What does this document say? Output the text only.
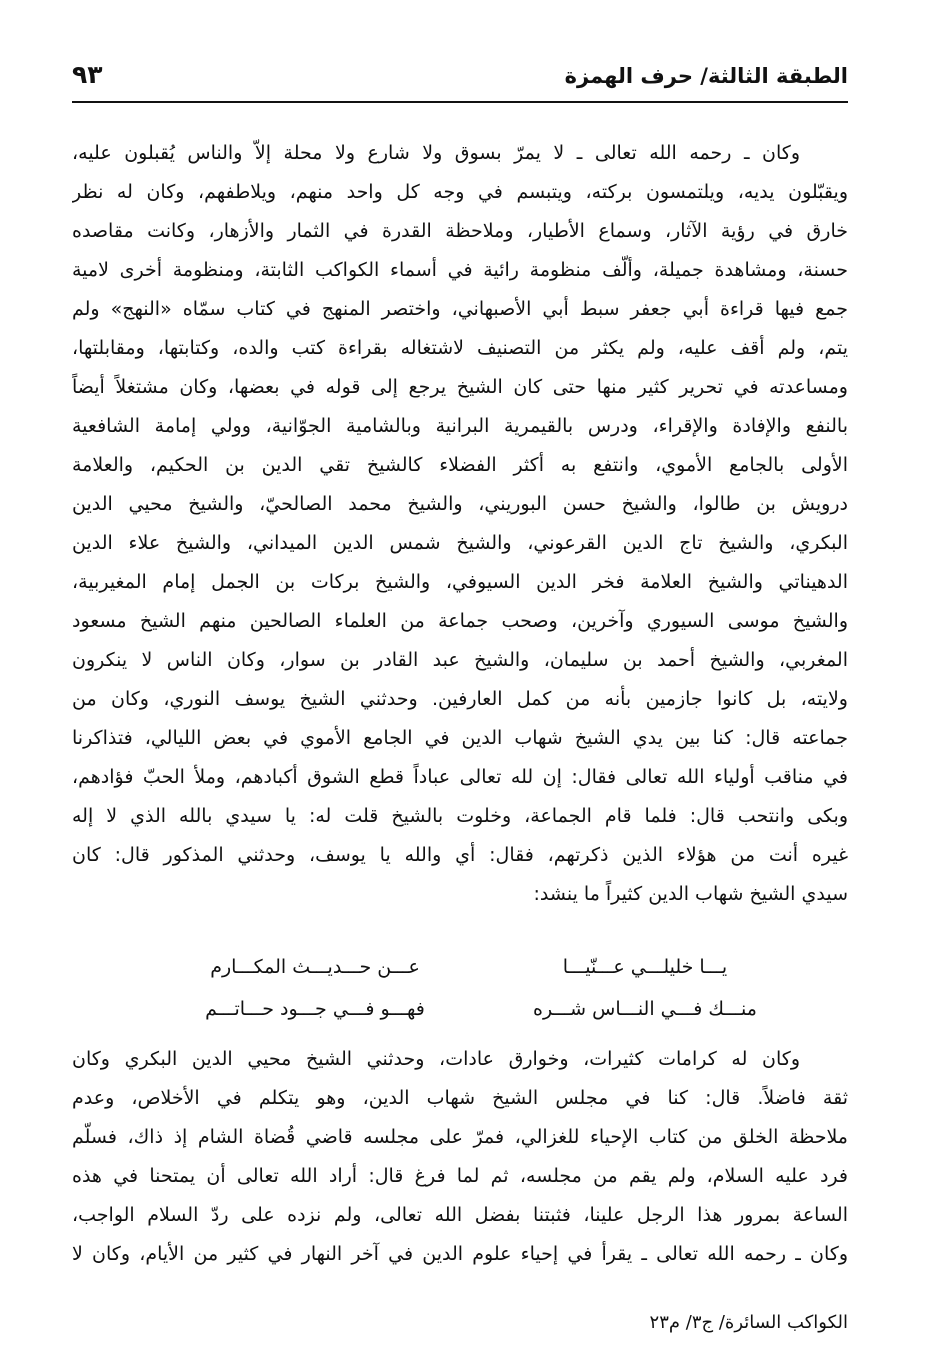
الطبقة الثالثة/ حرف الهمزة
٩٣
وكان ـ رحمه الله تعالى ـ لا يمرّ بسوق ولا شارع ولا محلة إلاّ والناس يُقبلون عليه،
ويقبّلون يديه، ويلتمسون بركته، ويتبسم في وجه كل واحد منهم، ويلاطفهم، وكان له نظر
خارق في رؤية الآثار، وسماع الأطيار، وملاحظة القدرة في الثمار والأزهار، وكانت مقاصده
حسنة، ومشاهدة جميلة، وألّف منظومة رائية في أسماء الكواكب الثابتة، ومنظومة أخرى لامية
جمع فيها قراءة أبي جعفر سبط أبي الأصبهاني، واختصر المنهج في كتاب سمّاه «النهج» ولم
يتم، ولم أقف عليه، ولم يكثر من التصنيف لاشتغاله بقراءة كتب والده، وكتابتها، ومقابلتها،
ومساعدته في تحرير كثير منها حتى كان الشيخ يرجع إلى قوله في بعضها، وكان مشتغلاً أيضاً
بالنفع والإفادة والإقراء، ودرس بالقيمرية البرانية وبالشامية الجوّانية، وولي إمامة الشافعية
الأولى بالجامع الأموي، وانتفع به أكثر الفضلاء كالشيخ تقي الدين بن الحكيم، والعلامة
درويش بن طالوا، والشيخ حسن البوريني، والشيخ محمد الصالحيّ، والشيخ محيي الدين
البكري، والشيخ تاج الدين القرعوني، والشيخ شمس الدين الميداني، والشيخ علاء الدين
الدهيناتي والشيخ العلامة فخر الدين السيوفي، والشيخ بركات بن الجمل إمام المغيربية،
والشيخ موسى السيوري وآخرين، وصحب جماعة من العلماء الصالحين منهم الشيخ مسعود
المغربي، والشيخ أحمد بن سليمان، والشيخ عبد القادر بن سوار، وكان الناس لا ينكرون
ولايته، بل كانوا جازمين بأنه من كمل العارفين. وحدثني الشيخ يوسف النوري، وكان من
جماعته قال: كنا بين يدي الشيخ شهاب الدين في الجامع الأموي في بعض الليالي، فتذاكرنا
في مناقب أولياء الله تعالى فقال: إن لله تعالى عباداً قطع الشوق أكبادهم، وملأ الحبّ فؤادهم،
وبكى وانتحب قال: فلما قام الجماعة، وخلوت بالشيخ قلت له: يا سيدي بالله الذي لا إله
غيره أنت من هؤلاء الذين ذكرتهم، فقال: أي والله يا يوسف، وحدثني المذكور قال: كان
سيدي الشيخ شهاب الدين كثيراً ما ينشد:
يـــا خليلـــي عـــنّيـــا
عـــن حـــديـــث المكـــارم
منـــك فـــي النـــاس شـــره
فهـــو فـــي جـــود حـــاتـــم
وكان له كرامات كثيرات، وخوارق عادات، وحدثني الشيخ محيي الدين البكري وكان
ثقة فاضلاً. قال: كنا في مجلس الشيخ شهاب الدين، وهو يتكلم في الأخلاص، وعدم
ملاحظة الخلق من كتاب الإحياء للغزالي، فمرّ على مجلسه قاضي قُضاة الشام إذ ذاك، فسلّم
فرد عليه السلام، ولم يقم من مجلسه، ثم لما فرغ قال: أراد الله تعالى أن يمتحنا في هذه
الساعة بمرور هذا الرجل علينا، فثبتنا بفضل الله تعالى، ولم نزده على ردّ السلام الواجب،
وكان ـ رحمه الله تعالى ـ يقرأ في إحياء علوم الدين في آخر النهار في كثير من الأيام، وكان لا
الكواكب السائرة/ ج٣/ م٢٣
